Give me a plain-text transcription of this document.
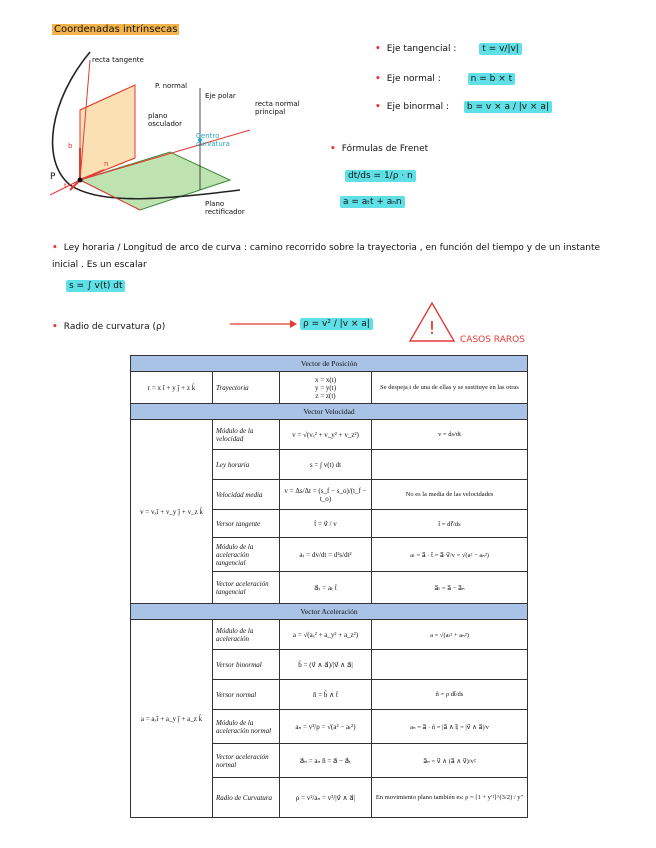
Coordenadas intrínsecas
recta tangente
P. normal
Eje polar
plano osculador
recta normal principal
Centro curvatura
P
Plano rectificador
b
n
t
• Eje tangencial :	t = v/|v|
• Eje normal :	n = b × t
• Eje binormal : b = v × a / |v × a|
• Fórmulas de Frenet
dt/ds = 1/ρ · n
a = aₜt + aₙn
• Ley horaria / Longitud de arco de curva : camino recorrido sobre la trayectoria , en función del tiempo y de un instante inicial . Es un escalar
s = ∫ v(t) dt
• Radio de curvatura (ρ)	ρ = v² / |v × a|	!
CASOS RAROS
Vector de Posición			
r = x î + y ĵ + z k̂	Trayectoria	x = x(t)
y = y(t)
z = z(t)	Se despeja t de una de ellas y se sustituye en las otras
Vector Velocidad			
v = vₓî + v_y ĵ + v_z k̂	Módulo de la velocidad	v = √(vₓ² + v_y² + v_z²)	v = ds/dt
	Ley horaria	s = ∫ v(t) dt	
	Velocidad media	v = Δs/Δt = (s_f − s_o)/(t_f − t_o)	No es la media de las velocidades
	Versor tangente	t̂ = v⃗ / v	t̂ = dr⃗/ds
	Módulo de la aceleración tangencial	aₜ = dv/dt = d²s/dt²	aₜ = a⃗ · t̂ = a⃗·v⃗/v = √(a² − aₙ²)
	Vector aceleración tangencial	a⃗ₜ = aₜ t̂	a⃗ₜ = a⃗ − a⃗ₙ
Vector Aceleración			
a = aₓî + a_y ĵ + a_z k̂	Módulo de la aceleración	a = √(aₓ² + a_y² + a_z²)	a = √(aₜ² + aₙ²)
	Versor binormal	b̂ = (v⃗ ∧ a⃗)/|v⃗ ∧ a⃗|	
	Versor normal	n̂ = b̂ ∧ t̂	n̂ = ρ dt̂/ds
	Módulo de la aceleración normal	aₙ = v²/ρ = √(a² − aₜ²)	aₙ = a⃗ · n̂ = |a⃗ ∧ t̂| = |v⃗ ∧ a⃗|/v
	Vector aceleración normal	a⃗ₙ = aₙ n̂ = a⃗ − a⃗ₜ	a⃗ₙ = v⃗ ∧ (a⃗ ∧ v⃗)/v²
	Radio de Curvatura	ρ = v²/aₙ = v³/|v⃗ ∧ a⃗|	En movimiento plano también es: ρ = [1 + y′²]^(3/2) / y″
